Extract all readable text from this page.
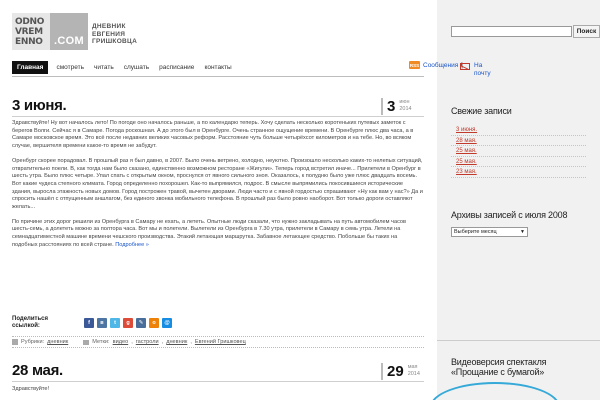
ODNO
VREM
ENNO	.COM
ДНЕВНИК
ЕВГЕНИЯ
ГРИШКОВЦА
Поиск
Главная	смотреть читать слушать расписание контакты	RSS Сообщения | На
почту
3 июня.	3 июн
2014

Здравствуйте! Ну вот началось лето! По погоде оно началось раньше, а по календарю теперь. Хочу сделать несколько коротеньких путевых заметок с берегов Волги. Сейчас я в Самаре. Погода роскошная. А до этого был в Оренбурге. Очень странное ощущение времени. В Оренбурге плюс два часа, а в Самаре московское время. Это всё после недавних великих часовых реформ. Расстояние чуть больше четырёхсот километров и на тебе. Но, во всяком случае, вершителя времени какое-то время не забудут.

Оренбург скорее порадовал. В прошлый раз я был давно, в 2007. Было очень ветрено, холодно, неуютно. Произошло несколько каких-то нелепых ситуаций, отвратительно поели. В, как тогда нам было сказано, единственно возможном ресторане «Жигули». Теперь город встретил иначе... Прилетели в Оренбург в шесть утра. Было плюс четыре. Упал спать с открытым окном, проснулся от явного сильного зноя. Оказалось, к полудню было уже плюс двадцать восемь. Вот какие чудеса степного климата. Город определенно похорошел. Как-то выпрямился, подрос. В смысле выпрямились покосившиеся исторические здания, выросла этажность новых домов. Город построжен травой, вычетен дворами. Люди часто и с явной гордостью спрашивают «Ну как вам у нас?» Да и спросить нашёл с отпущенным аншлагом, без единого звонка мобильного телефона. В прошлый раз было ровно наоборот. Вот только дороги оставляют желать...

По причине этих дорог решили из Оренбурга в Самару не ехать, а лететь. Опытные люди сказали, что нужно закладывать на путь автомобилем часов шесть-семь, а долететь можно за полтора часа. Вот мы и полетели. Вылетели из Оренбурга в 7.30 утра, прилетели в Самару в семь утра. Летели на семнадцатиместной машине времени чешского производства. Этакий летающая маршрутка. Забавное летающее средство. Побольше бы таких на подобных расстояниях по всей стране. Подробнее »

Поделиться
ссылкой:	f	в	t	g	✎	о	@
Рубрики: дневник	Метки: видео , гастроли , дневник , Евгений Гришковец
28 мая.	29 мая
2014

Здравствуйте!

Свежие записи
3 июня.
28 мая.
25 мая.
25 мая.
23 мая.
Архивы записей с июля 2008
Выберите месяц	▼
Видеоверсия спектакля «Прощание с бумагой»
